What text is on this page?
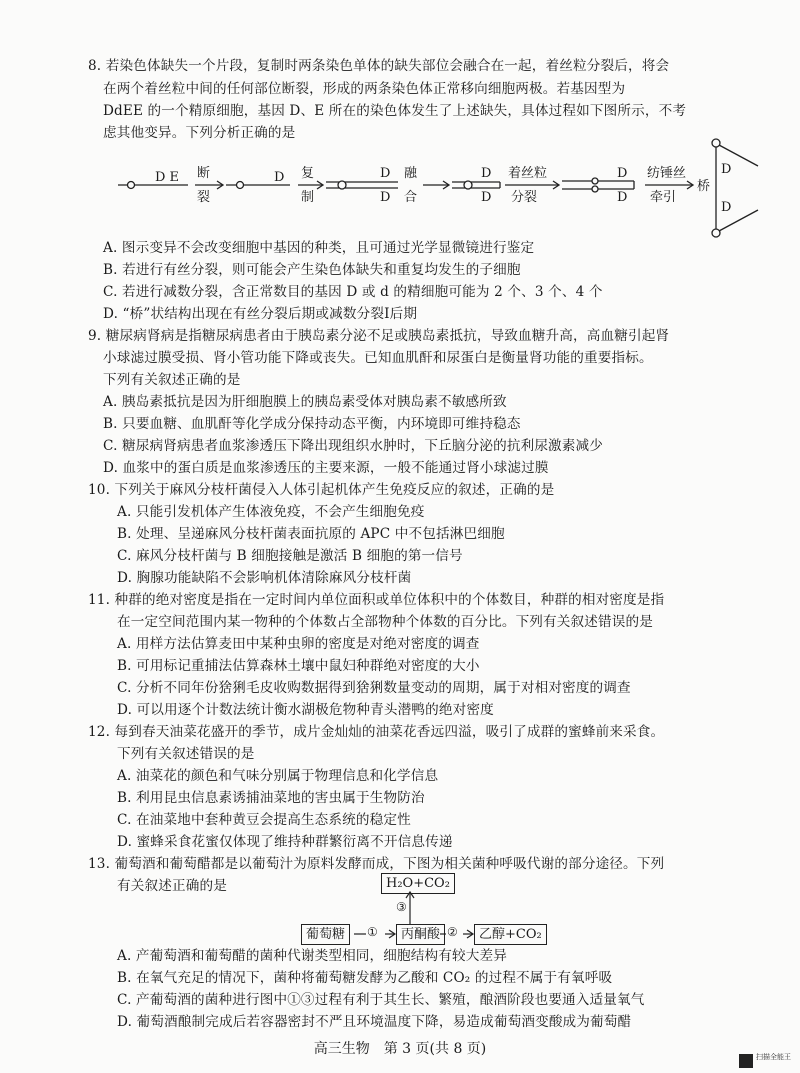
8. 若染色体缺失一个片段，复制时两条染色单体的缺失部位会融合在一起，着丝粒分裂后，将会
在两个着丝粒中间的任何部位断裂，形成的两条染色体正常移向细胞两极。若基因型为
DdEE 的一个精原细胞，基因 D、E 所在的染色体发生了上述缺失，具体过程如下图所示，不考
虑其他变异。下列分析正确的是
D E 断
裂
D 复
制
D
D
融
合
D
D
着丝粒
分裂
D
D
纺锤丝
牵引
桥
D
D
A. 图示变异不会改变细胞中基因的种类，且可通过光学显微镜进行鉴定
B. 若进行有丝分裂，则可能会产生染色体缺失和重复均发生的子细胞
C. 若进行减数分裂，含正常数目的基因 D 或 d 的精细胞可能为 2 个、3 个、4 个
D. “桥”状结构出现在有丝分裂后期或减数分裂Ⅰ后期
9. 糖尿病肾病是指糖尿病患者由于胰岛素分泌不足或胰岛素抵抗，导致血糖升高，高血糖引起肾
小球滤过膜受损、肾小管功能下降或丧失。已知血肌酐和尿蛋白是衡量肾功能的重要指标。
下列有关叙述正确的是
A. 胰岛素抵抗是因为肝细胞膜上的胰岛素受体对胰岛素不敏感所致
B. 只要血糖、血肌酐等化学成分保持动态平衡，内环境即可维持稳态
C. 糖尿病肾病患者血浆渗透压下降出现组织水肿时，下丘脑分泌的抗利尿激素减少
D. 血浆中的蛋白质是血浆渗透压的主要来源，一般不能通过肾小球滤过膜
10. 下列关于麻风分枝杆菌侵入人体引起机体产生免疫反应的叙述，正确的是
A. 只能引发机体产生体液免疫，不会产生细胞免疫
B. 处理、呈递麻风分枝杆菌表面抗原的 APC 中不包括淋巴细胞
C. 麻风分枝杆菌与 B 细胞接触是激活 B 细胞的第一信号
D. 胸腺功能缺陷不会影响机体清除麻风分枝杆菌
11. 种群的绝对密度是指在一定时间内单位面积或单位体积中的个体数目，种群的相对密度是指
在一定空间范围内某一物种的个体数占全部物种个体数的百分比。下列有关叙述错误的是
A. 用样方法估算麦田中某种虫卵的密度是对绝对密度的调查
B. 可用标记重捕法估算森林土壤中鼠妇种群绝对密度的大小
C. 分析不同年份猞猁毛皮收购数据得到猞猁数量变动的周期，属于对相对密度的调查
D. 可以用逐个计数法统计衡水湖极危物种青头潜鸭的绝对密度
12. 每到春天油菜花盛开的季节，成片金灿灿的油菜花香远四溢，吸引了成群的蜜蜂前来采食。
下列有关叙述错误的是
A. 油菜花的颜色和气味分别属于物理信息和化学信息
B. 利用昆虫信息素诱捕油菜地的害虫属于生物防治
C. 在油菜地中套种黄豆会提高生态系统的稳定性
D. 蜜蜂采食花蜜仅体现了维持种群繁衍离不开信息传递
13. 葡萄酒和葡萄醋都是以葡萄汁为原料发酵而成，下图为相关菌种呼吸代谢的部分途径。下列
有关叙述正确的是	H₂O+CO₂
葡萄糖	丙酮酸	乙醇+CO₂
①	②
③
A. 产葡萄酒和葡萄醋的菌种代谢类型相同，细胞结构有较大差异
B. 在氧气充足的情况下，菌种将葡萄糖发酵为乙酸和 CO₂ 的过程不属于有氧呼吸
C. 产葡萄酒的菌种进行图中①③过程有利于其生长、繁殖，酿酒阶段也要通入适量氧气
D. 葡萄酒酿制完成后若容器密封不严且环境温度下降，易造成葡萄酒变酸成为葡萄醋
高三生物　第 3 页(共 8 页)	扫描全能王
